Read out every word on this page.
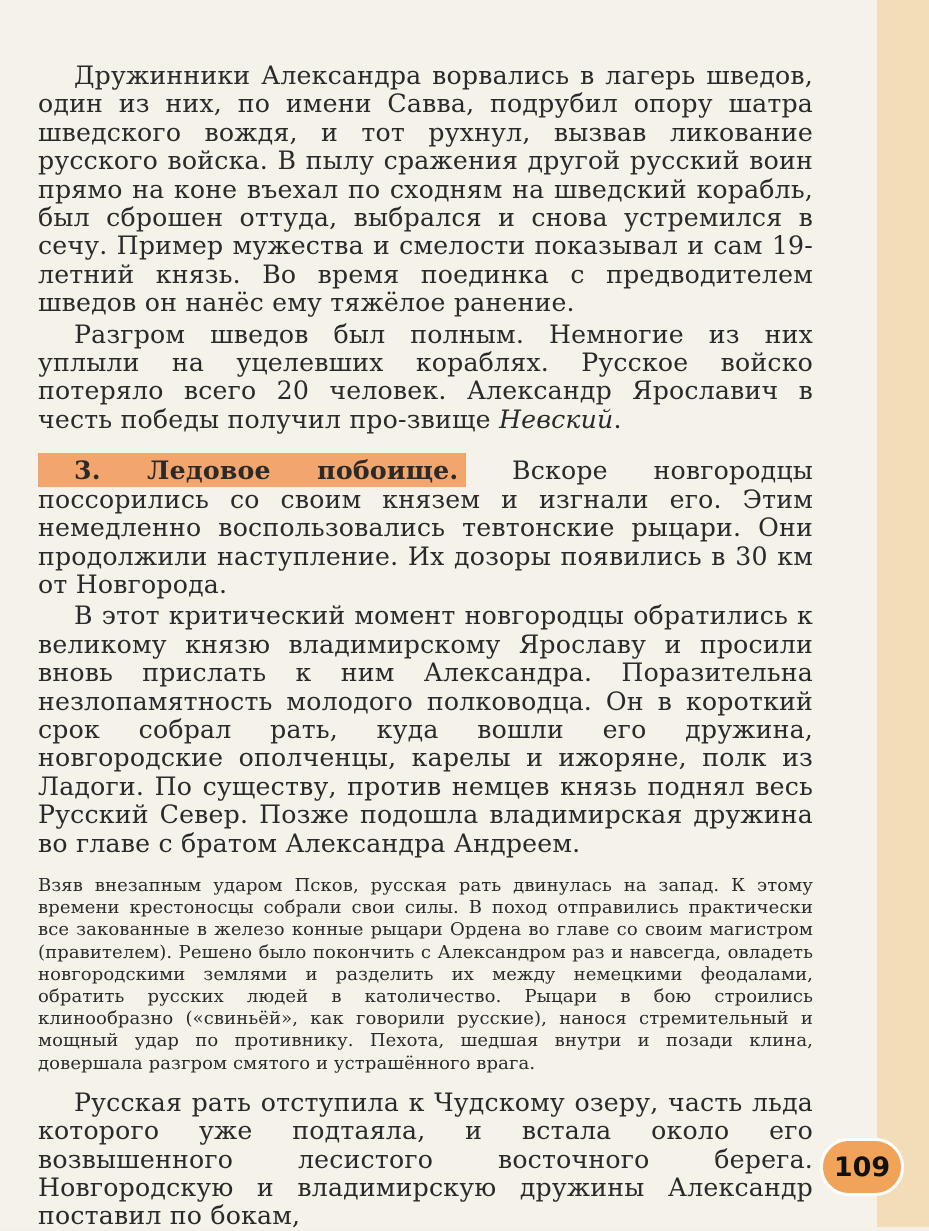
Дружинники Александра ворвались в лагерь шведов, один из них, по имени Савва, подрубил опору шатра шведского вождя, и тот рухнул, вызвав ликование русского войска. В пылу сражения другой русский воин прямо на коне въехал по сходням на шведский корабль, был сброшен оттуда, выбрался и снова устремился в сечу. Пример мужества и смелости показывал и сам 19-летний князь. Во время поединка с предводителем шведов он нанёс ему тяжёлое ранение.

Разгром шведов был полным. Немногие из них уплыли на уцелевших кораблях. Русское войско потеряло всего 20 человек. Александр Ярославич в честь победы получил про-звище Невский.

3. Ледовое побоище. Вскоре новгородцы поссорились со своим князем и изгнали его. Этим немедленно воспользовались тевтонские рыцари. Они продолжили наступление. Их дозоры появились в 30 км от Новгорода.

В этот критический момент новгородцы обратились к великому князю владимирскому Ярославу и просили вновь прислать к ним Александра. Поразительна незлопамятность молодого полководца. Он в короткий срок собрал рать, куда вошли его дружина, новгородские ополченцы, карелы и ижоряне, полк из Ладоги. По существу, против немцев князь поднял весь Русский Север. Позже подошла владимирская дружина во главе с братом Александра Андреем.

Взяв внезапным ударом Псков, русская рать двинулась на запад. К этому времени крестоносцы собрали свои силы. В поход отправились практически все закованные в железо конные рыцари Ордена во главе со своим магистром (правителем). Решено было покончить с Александром раз и навсегда, овладеть новгородскими землями и разделить их между немецкими феодалами, обратить русских людей в католичество. Рыцари в бою строились клинообразно («свиньёй», как говорили русские), нанося стремительный и мощный удар по противнику. Пехота, шедшая внутри и позади клина, довершала разгром смятого и устрашённого врага.

Русская рать отступила к Чудскому озеру, часть льда которого уже подтаяла, и встала около его возвышенного лесистого восточного берега. Новгородскую и владимирскую дружины Александр поставил по бокам,

109
